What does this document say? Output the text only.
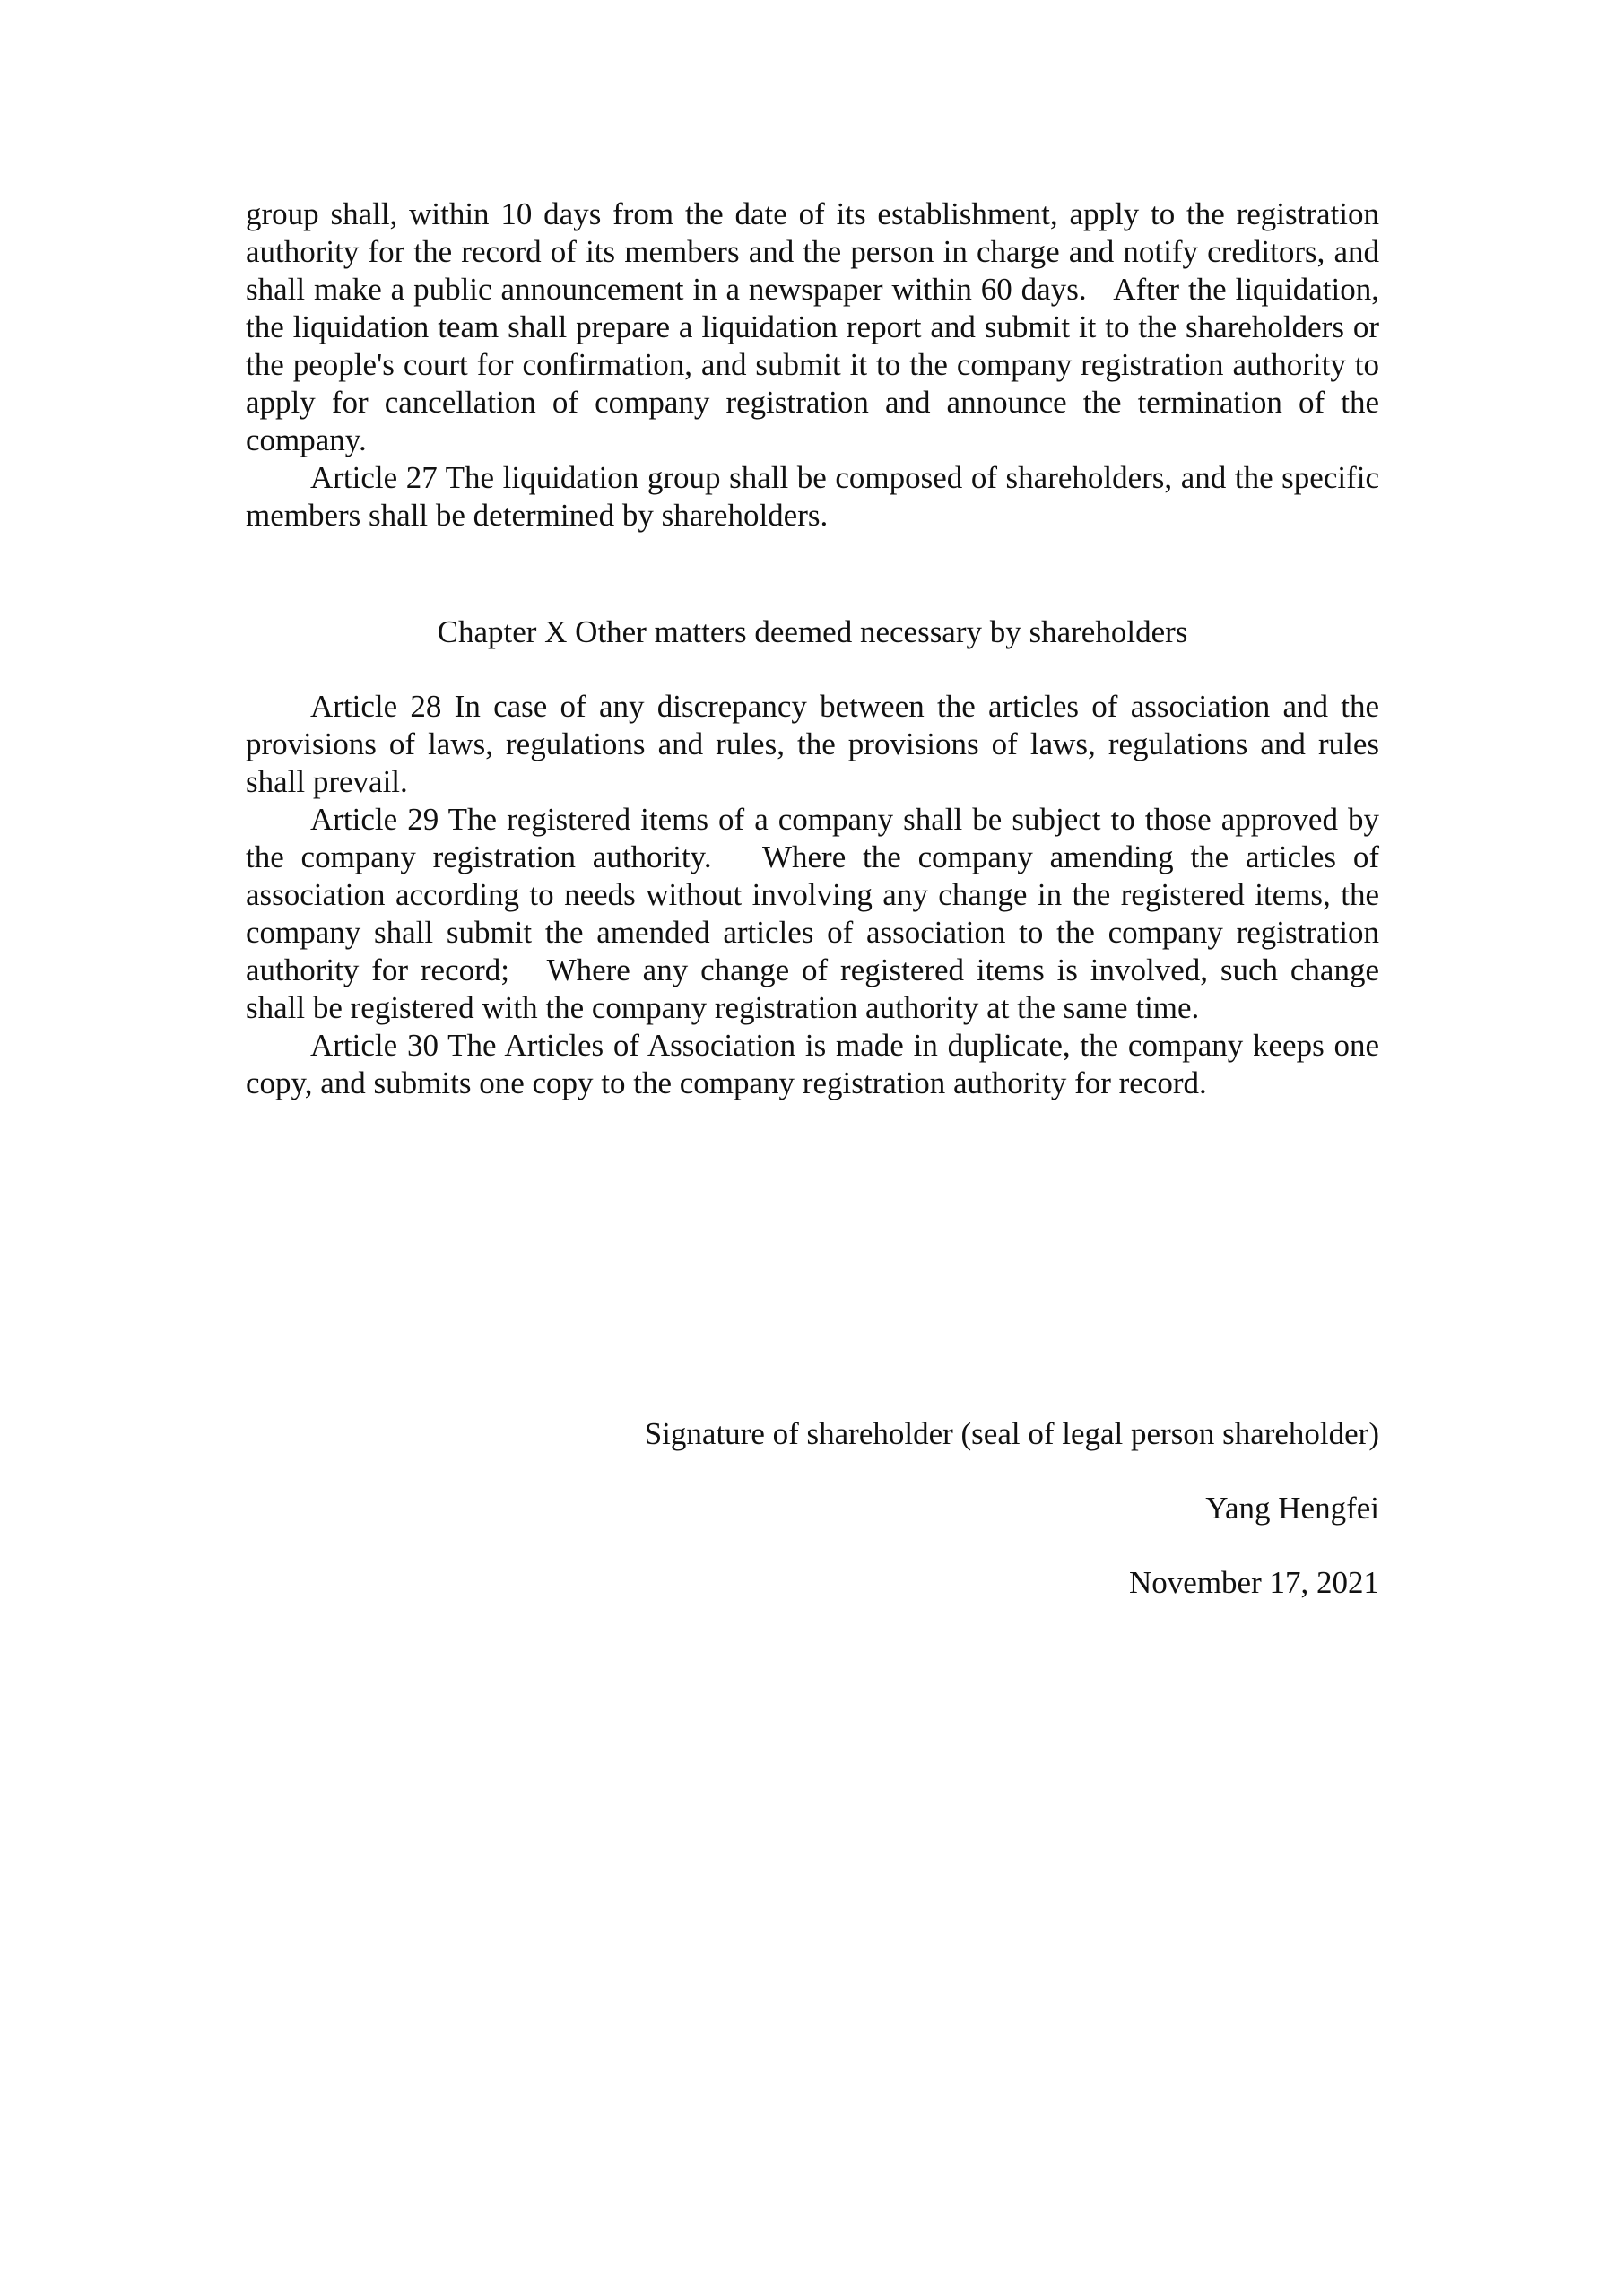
group shall, within 10 days from the date of its establishment, apply to the registration authority for the record of its members and the person in charge and notify creditors, and shall make a public announcement in a newspaper within 60 days.   After the liquidation, the liquidation team shall prepare a liquidation report and submit it to the shareholders or the people's court for confirmation, and submit it to the company registration authority to apply for cancellation of company registration and announce the termination of the company.

Article 27 The liquidation group shall be composed of shareholders, and the specific members shall be determined by shareholders.

Chapter X Other matters deemed necessary by shareholders

Article 28 In case of any discrepancy between the articles of association and the provisions of laws, regulations and rules, the provisions of laws, regulations and rules shall prevail.

Article 29 The registered items of a company shall be subject to those approved by the company registration authority.   Where the company amending the articles of association according to needs without involving any change in the registered items, the company shall submit the amended articles of association to the company registration authority for record;   Where any change of registered items is involved, such change shall be registered with the company registration authority at the same time.

Article 30 The Articles of Association is made in duplicate, the company keeps one copy, and submits one copy to the company registration authority for record.

Signature of shareholder (seal of legal person shareholder)
Yang Hengfei
November 17, 2021
